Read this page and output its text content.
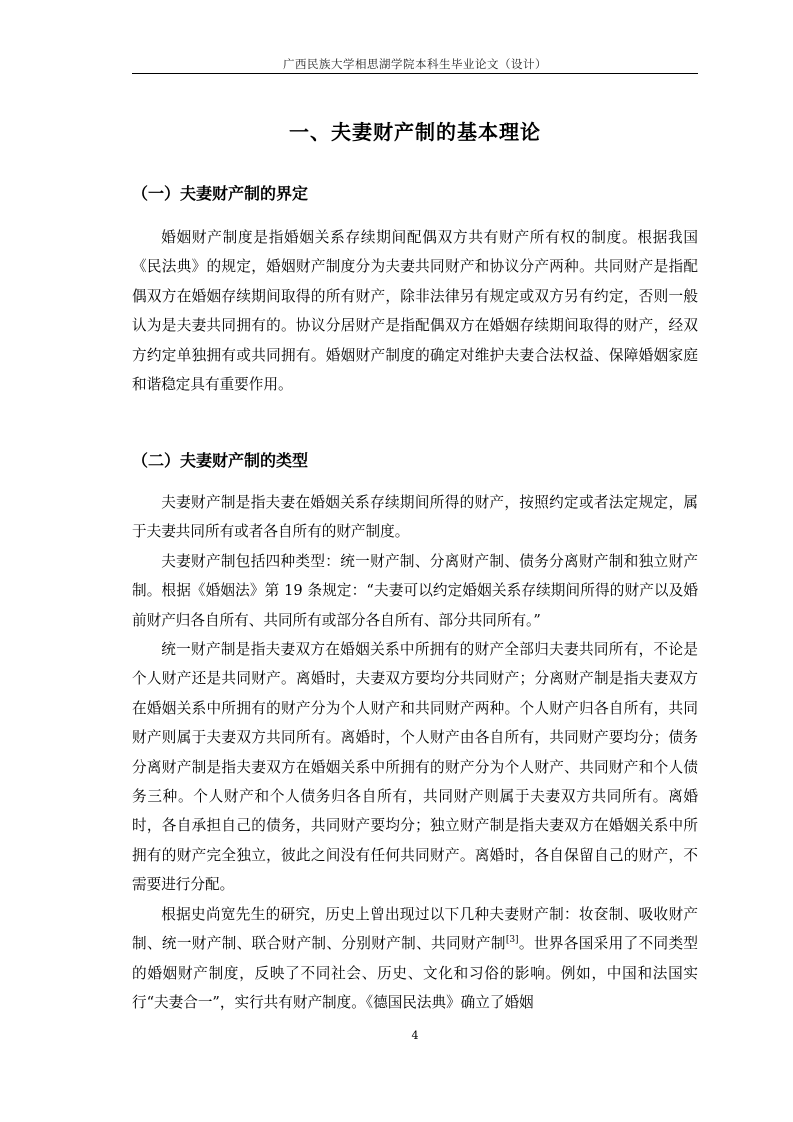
广西民族大学相思湖学院本科生毕业论文（设计）
一、夫妻财产制的基本理论
（一）夫妻财产制的界定

婚姻财产制度是指婚姻关系存续期间配偶双方共有财产所有权的制度。根据我国《民法典》的规定，婚姻财产制度分为夫妻共同财产和协议分产两种。共同财产是指配偶双方在婚姻存续期间取得的所有财产，除非法律另有规定或双方另有约定，否则一般认为是夫妻共同拥有的。协议分居财产是指配偶双方在婚姻存续期间取得的财产，经双方约定单独拥有或共同拥有。婚姻财产制度的确定对维护夫妻合法权益、保障婚姻家庭和谐稳定具有重要作用。

（二）夫妻财产制的类型

夫妻财产制是指夫妻在婚姻关系存续期间所得的财产，按照约定或者法定规定，属于夫妻共同所有或者各自所有的财产制度。

夫妻财产制包括四种类型：统一财产制、分离财产制、债务分离财产制和独立财产制。根据《婚姻法》第 19 条规定：“夫妻可以约定婚姻关系存续期间所得的财产以及婚前财产归各自所有、共同所有或部分各自所有、部分共同所有。”

统一财产制是指夫妻双方在婚姻关系中所拥有的财产全部归夫妻共同所有，不论是个人财产还是共同财产。离婚时，夫妻双方要均分共同财产；分离财产制是指夫妻双方在婚姻关系中所拥有的财产分为个人财产和共同财产两种。个人财产归各自所有，共同财产则属于夫妻双方共同所有。离婚时，个人财产由各自所有，共同财产要均分；债务分离财产制是指夫妻双方在婚姻关系中所拥有的财产分为个人财产、共同财产和个人债务三种。个人财产和个人债务归各自所有，共同财产则属于夫妻双方共同所有。离婚时，各自承担自己的债务，共同财产要均分；独立财产制是指夫妻双方在婚姻关系中所拥有的财产完全独立，彼此之间没有任何共同财产。离婚时，各自保留自己的财产，不需要进行分配。

根据史尚宽先生的研究，历史上曾出现过以下几种夫妻财产制：妆奁制、吸收财产制、统一财产制、联合财产制、分别财产制、共同财产制[3]。世界各国采用了不同类型的婚姻财产制度，反映了不同社会、历史、文化和习俗的影响。例如，中国和法国实行“夫妻合一”，实行共有财产制度。《德国民法典》确立了婚姻

4
